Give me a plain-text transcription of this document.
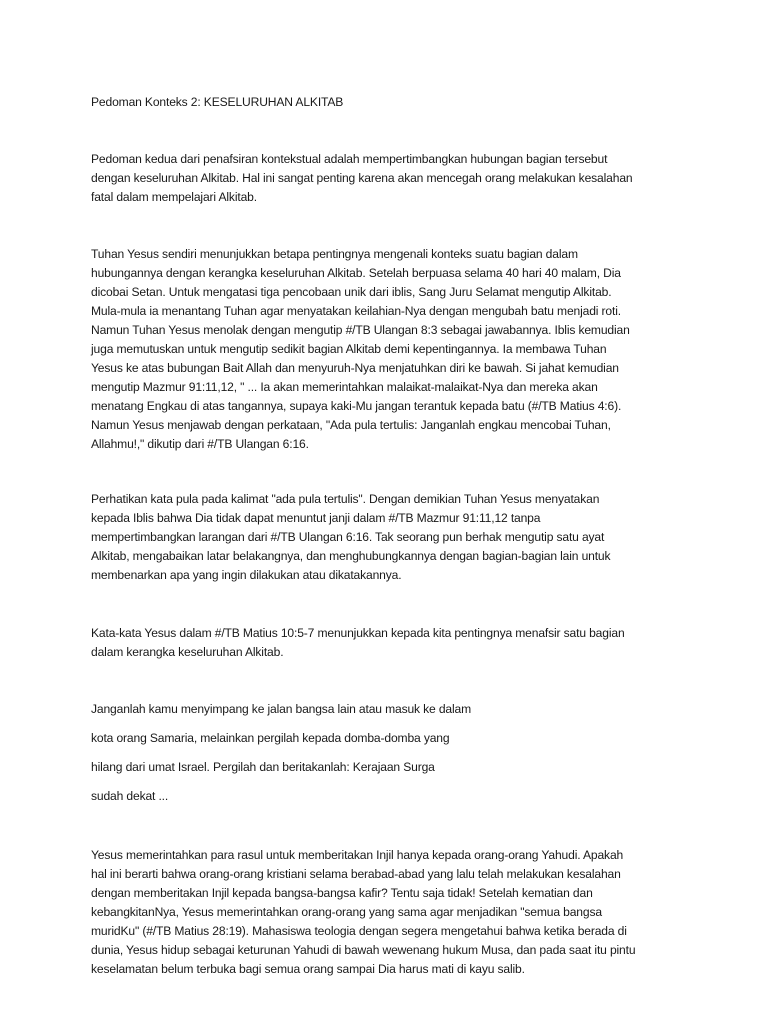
Pedoman Konteks 2: KESELURUHAN ALKITAB
Pedoman kedua dari penafsiran kontekstual adalah mempertimbangkan hubungan bagian tersebut
dengan keseluruhan Alkitab. Hal ini sangat penting karena akan mencegah orang melakukan kesalahan
fatal dalam mempelajari Alkitab.
Tuhan Yesus sendiri menunjukkan betapa pentingnya mengenali konteks suatu bagian dalam
hubungannya dengan kerangka keseluruhan Alkitab. Setelah berpuasa selama 40 hari 40 malam, Dia
dicobai Setan. Untuk mengatasi tiga pencobaan unik dari iblis, Sang Juru Selamat mengutip Alkitab.
Mula-mula ia menantang Tuhan agar menyatakan keilahian-Nya dengan mengubah batu menjadi roti.
Namun Tuhan Yesus menolak dengan mengutip #/TB Ulangan 8:3 sebagai jawabannya. Iblis kemudian
juga memutuskan untuk mengutip sedikit bagian Alkitab demi kepentingannya. Ia membawa Tuhan
Yesus ke atas bubungan Bait Allah dan menyuruh-Nya menjatuhkan diri ke bawah. Si jahat kemudian
mengutip Mazmur 91:11,12, " ... Ia akan memerintahkan malaikat-malaikat-Nya dan mereka akan
menatang Engkau di atas tangannya, supaya kaki-Mu jangan terantuk kepada batu (#/TB Matius 4:6).
Namun Yesus menjawab dengan perkataan, "Ada pula tertulis: Janganlah engkau mencobai Tuhan,
Allahmu!," dikutip dari #/TB Ulangan 6:16.
Perhatikan kata pula pada kalimat "ada pula tertulis". Dengan demikian Tuhan Yesus menyatakan
kepada Iblis bahwa Dia tidak dapat menuntut janji dalam #/TB Mazmur 91:11,12 tanpa
mempertimbangkan larangan dari #/TB Ulangan 6:16. Tak seorang pun berhak mengutip satu ayat
Alkitab, mengabaikan latar belakangnya, dan menghubungkannya dengan bagian-bagian lain untuk
membenarkan apa yang ingin dilakukan atau dikatakannya.
Kata-kata Yesus dalam #/TB Matius 10:5-7 menunjukkan kepada kita pentingnya menafsir satu bagian
dalam kerangka keseluruhan Alkitab.
Janganlah kamu menyimpang ke jalan bangsa lain atau masuk ke dalam
kota orang Samaria, melainkan pergilah kepada domba-domba yang
hilang dari umat Israel. Pergilah dan beritakanlah: Kerajaan Surga
sudah dekat ...
Yesus memerintahkan para rasul untuk memberitakan Injil hanya kepada orang-orang Yahudi. Apakah
hal ini berarti bahwa orang-orang kristiani selama berabad-abad yang lalu telah melakukan kesalahan
dengan memberitakan Injil kepada bangsa-bangsa kafir? Tentu saja tidak! Setelah kematian dan
kebangkitanNya, Yesus memerintahkan orang-orang yang sama agar menjadikan "semua bangsa
muridKu" (#/TB Matius 28:19). Mahasiswa teologia dengan segera mengetahui bahwa ketika berada di
dunia, Yesus hidup sebagai keturunan Yahudi di bawah wewenang hukum Musa, dan pada saat itu pintu
keselamatan belum terbuka bagi semua orang sampai Dia harus mati di kayu salib.
